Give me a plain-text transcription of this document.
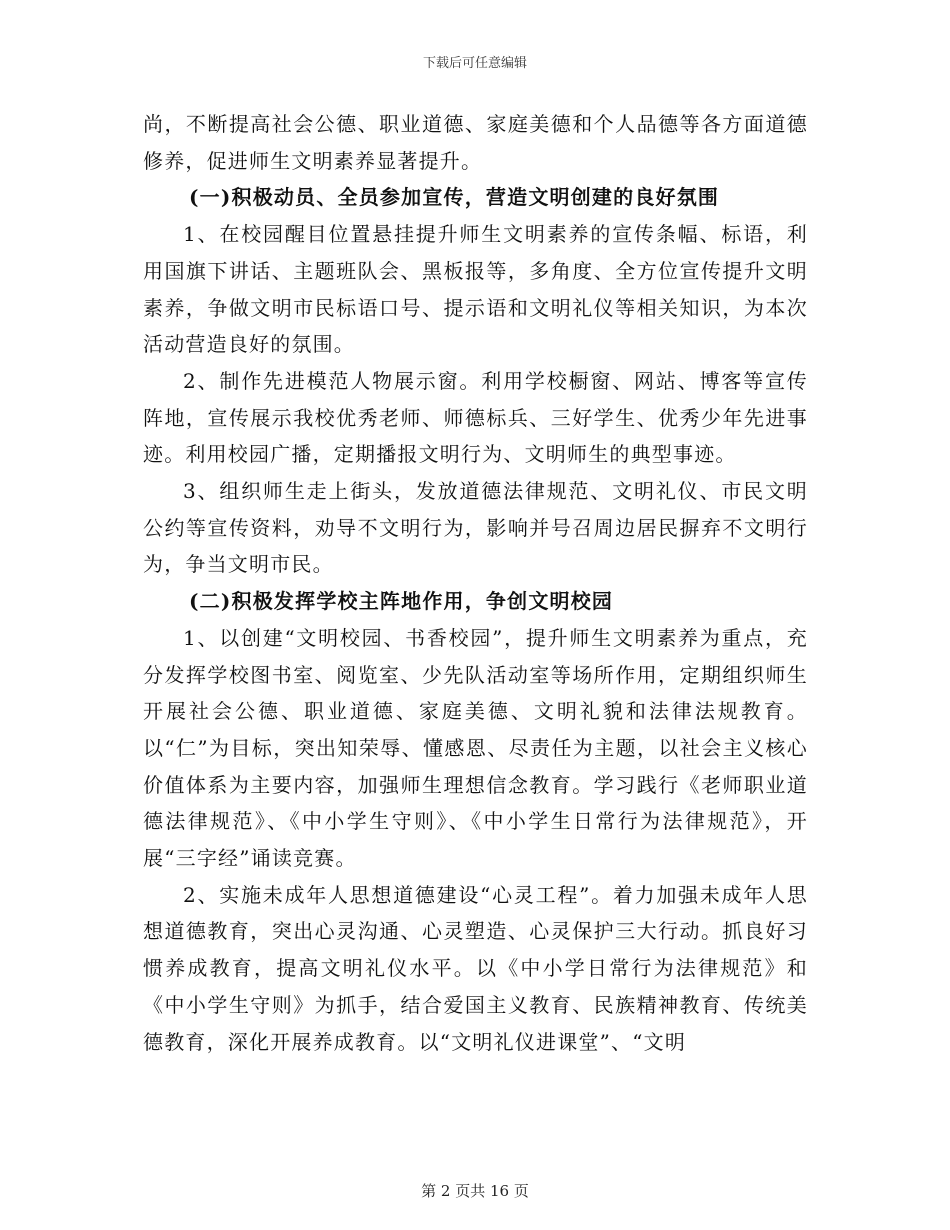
下载后可任意编辑

尚，不断提高社会公德、职业道德、家庭美德和个人品德等各方面道德修养，促进师生文明素养显著提升。

(一)积极动员、全员参加宣传，营造文明创建的良好氛围

1、在校园醒目位置悬挂提升师生文明素养的宣传条幅、标语，利用国旗下讲话、主题班队会、黑板报等，多角度、全方位宣传提升文明素养，争做文明市民标语口号、提示语和文明礼仪等相关知识，为本次活动营造良好的氛围。

2、制作先进模范人物展示窗。利用学校橱窗、网站、博客等宣传阵地，宣传展示我校优秀老师、师德标兵、三好学生、优秀少年先进事迹。利用校园广播，定期播报文明行为、文明师生的典型事迹。

3、组织师生走上街头，发放道德法律规范、文明礼仪、市民文明公约等宣传资料，劝导不文明行为，影响并号召周边居民摒弃不文明行为，争当文明市民。

(二)积极发挥学校主阵地作用，争创文明校园

1、以创建“文明校园、书香校园”，提升师生文明素养为重点，充分发挥学校图书室、阅览室、少先队活动室等场所作用，定期组织师生开展社会公德、职业道德、家庭美德、文明礼貌和法律法规教育。以“仁”为目标，突出知荣辱、懂感恩、尽责任为主题，以社会主义核心价值体系为主要内容，加强师生理想信念教育。学习践行《老师职业道德法律规范》、《中小学生守则》、《中小学生日常行为法律规范》，开展“三字经”诵读竞赛。

2、实施未成年人思想道德建设“心灵工程”。着力加强未成年人思想道德教育，突出心灵沟通、心灵塑造、心灵保护三大行动。抓良好习惯养成教育，提高文明礼仪水平。以《中小学日常行为法律规范》和《中小学生守则》为抓手，结合爱国主义教育、民族精神教育、传统美德教育，深化开展养成教育。以“文明礼仪进课堂”、“文明

第 2 页共 16 页
